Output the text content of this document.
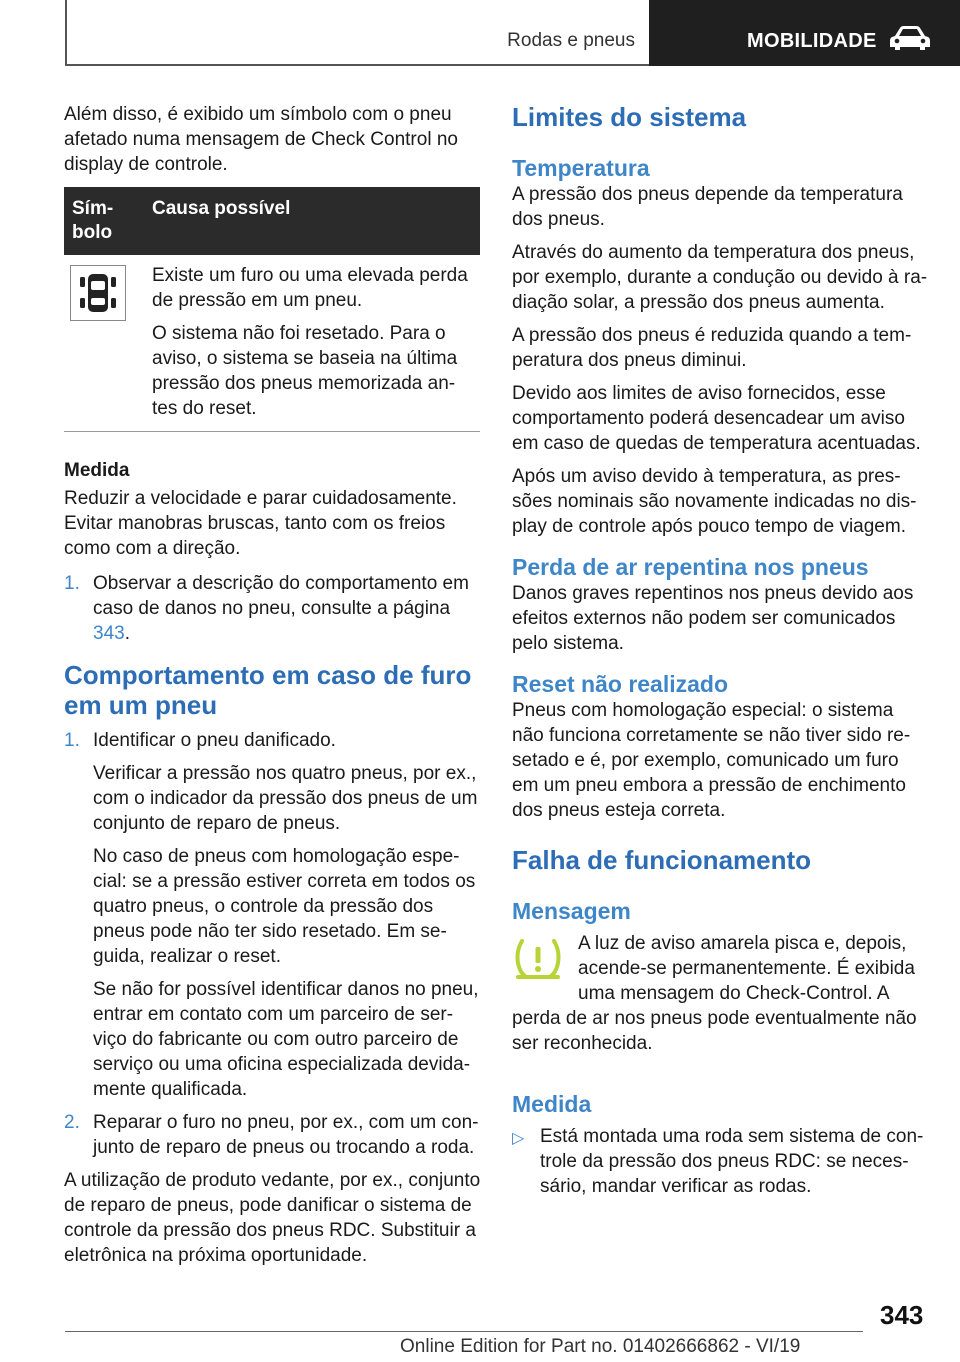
Rodas e pneus	MOBILIDADE

Além disso, é exibido um símbolo com o pneu afetado numa mensagem de Check Control no display de controle.

Sím-bolo
Causa possível

Existe um furo ou uma elevada perda de pressão em um pneu.

O sistema não foi resetado. Para o aviso, o sistema se baseia na última pressão dos pneus memorizada an-tes do reset.

Medida

Reduzir a velocidade e parar cuidadosamente. Evitar manobras bruscas, tanto com os freios como com a direção.

1. Observar a descrição do comportamento em caso de danos no pneu, consulte a página
343.

Comportamento em caso de furo em um pneu

1. Identificar o pneu danificado.

Verificar a pressão nos quatro pneus, por ex., com o indicador da pressão dos pneus de um conjunto de reparo de pneus.

No caso de pneus com homologação espe-cial: se a pressão estiver correta em todos os quatro pneus, o controle da pressão dos pneus pode não ter sido resetado. Em se-guida, realizar o reset.

Se não for possível identificar danos no pneu, entrar em contato com um parceiro de ser-viço do fabricante ou com outro parceiro de serviço ou uma oficina especializada devida-mente qualificada.

2. Reparar o furo no pneu, por ex., com um con-junto de reparo de pneus ou trocando a roda.

A utilização de produto vedante, por ex., conjunto de reparo de pneus, pode danificar o sistema de controle da pressão dos pneus RDC. Substituir a eletrônica na próxima oportunidade.

Limites do sistema

Temperatura

A pressão dos pneus depende da temperatura dos pneus.

Através do aumento da temperatura dos pneus, por exemplo, durante a condução ou devido à ra-diação solar, a pressão dos pneus aumenta.

A pressão dos pneus é reduzida quando a tem-peratura dos pneus diminui.

Devido aos limites de aviso fornecidos, esse comportamento poderá desencadear um aviso em caso de quedas de temperatura acentuadas.

Após um aviso devido à temperatura, as pres-sões nominais são novamente indicadas no dis-play de controle após pouco tempo de viagem.

Perda de ar repentina nos pneus

Danos graves repentinos nos pneus devido aos efeitos externos não podem ser comunicados pelo sistema.

Reset não realizado

Pneus com homologação especial: o sistema não funciona corretamente se não tiver sido re-setado e é, por exemplo, comunicado um furo em um pneu embora a pressão de enchimento dos pneus esteja correta.

Falha de funcionamento

Mensagem

A luz de aviso amarela pisca e, depois, acende-se permanentemente. É exibida uma mensagem do Check-Control. A

perda de ar nos pneus pode eventualmente não ser reconhecida.

Medida

▷ Está montada uma roda sem sistema de con-trole da pressão dos pneus RDC: se neces-sário, mandar verificar as rodas.
343
Online Edition for Part no. 01402666862 - VI/19
